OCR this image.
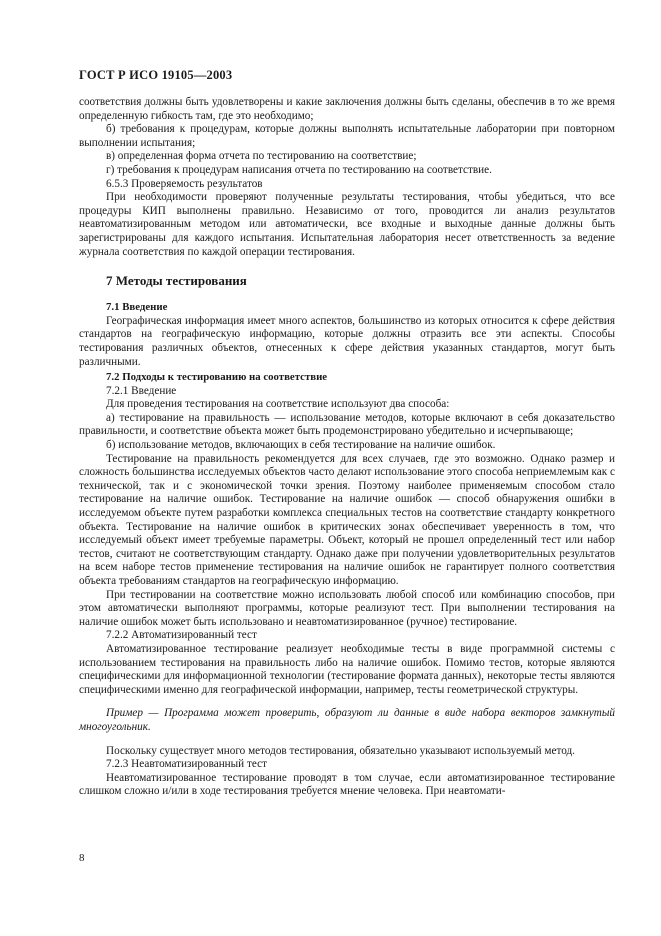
ГОСТ Р ИСО 19105—2003

соответствия должны быть удовлетворены и какие заключения должны быть сделаны, обеспечив в то же время определенную гибкость там, где это необходимо;

б) требования к процедурам, которые должны выполнять испытательные лаборатории при повторном выполнении испытания;

в) определенная форма отчета по тестированию на соответствие;

г) требования к процедурам написания отчета по тестированию на соответствие.

6.5.3 Проверяемость результатов

При необходимости проверяют полученные результаты тестирования, чтобы убедиться, что все процедуры КИП выполнены правильно. Независимо от того, проводится ли анализ результатов неавтоматизированным методом или автоматически, все входные и выходные данные должны быть зарегистрированы для каждого испытания. Испытательная лаборатория несет ответственность за ведение журнала соответствия по каждой операции тестирования.

7 Методы тестирования

7.1 Введение

Географическая информация имеет много аспектов, большинство из которых относится к сфере действия стандартов на географическую информацию, которые должны отразить все эти аспекты. Способы тестирования различных объектов, отнесенных к сфере действия указанных стандартов, могут быть различными.

7.2 Подходы к тестированию на соответствие

7.2.1 Введение

Для проведения тестирования на соответствие используют два способа:

а) тестирование на правильность — использование методов, которые включают в себя доказательство правильности, и соответствие объекта может быть продемонстрировано убедительно и исчерпывающе;

б) использование методов, включающих в себя тестирование на наличие ошибок.

Тестирование на правильность рекомендуется для всех случаев, где это возможно. Однако размер и сложность большинства исследуемых объектов часто делают использование этого способа неприемлемым как с технической, так и с экономической точки зрения. Поэтому наиболее применяемым способом стало тестирование на наличие ошибок. Тестирование на наличие ошибок — способ обнаружения ошибки в исследуемом объекте путем разработки комплекса специальных тестов на соответствие стандарту конкретного объекта. Тестирование на наличие ошибок в критических зонах обеспечивает уверенность в том, что исследуемый объект имеет требуемые параметры. Объект, который не прошел определенный тест или набор тестов, считают не соответствующим стандарту. Однако даже при получении удовлетворительных результатов на всем наборе тестов применение тестирования на наличие ошибок не гарантирует полного соответствия объекта требованиям стандартов на географическую информацию.

При тестировании на соответствие можно использовать любой способ или комбинацию способов, при этом автоматически выполняют программы, которые реализуют тест. При выполнении тестирования на наличие ошибок может быть использовано и неавтоматизированное (ручное) тестирование.

7.2.2 Автоматизированный тест

Автоматизированное тестирование реализует необходимые тесты в виде программной системы с использованием тестирования на правильность либо на наличие ошибок. Помимо тестов, которые являются специфическими для информационной технологии (тестирование формата данных), некоторые тесты являются специфическими именно для географической информации, например, тесты геометрической структуры.

Пример — Программа может проверить, образуют ли данные в виде набора векторов замкнутый многоугольник.

Поскольку существует много методов тестирования, обязательно указывают используемый метод.

7.2.3 Неавтоматизированный тест

Неавтоматизированное тестирование проводят в том случае, если автоматизированное тестирование слишком сложно и/или в ходе тестирования требуется мнение человека. При неавтомати-

8
